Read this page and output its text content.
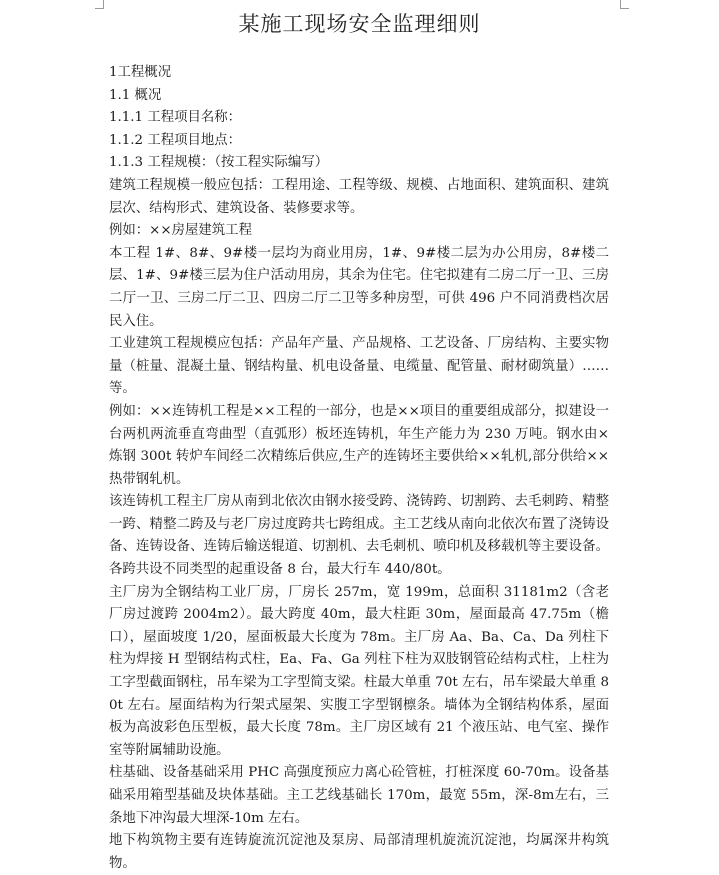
某施工现场安全监理细则

1工程概况

1.1 概况

1.1.1 工程项目名称：

1.1.2 工程项目地点：

1.1.3 工程规模：（按工程实际编写）

建筑工程规模一般应包括：工程用途、工程等级、规模、占地面积、建筑面积、建筑层次、结构形式、建筑设备、装修要求等。

例如：××房屋建筑工程

本工程 1#、8#、9#楼一层均为商业用房，1#、9#楼二层为办公用房，8#楼二层、1#、9#楼三层为住户活动用房，其余为住宅。住宅拟建有二房二厅一卫、三房二厅一卫、三房二厅二卫、四房二厅二卫等多种房型，可供 496 户不同消费档次居民入住。

工业建筑工程规模应包括：产品年产量、产品规格、工艺设备、厂房结构、主要实物量（桩量、混凝土量、钢结构量、机电设备量、电缆量、配管量、耐材砌筑量）……等。

例如：××连铸机工程是××工程的一部分，也是××项目的重要组成部分，拟建设一台两机两流垂直弯曲型（直弧形）板坯连铸机，年生产能力为 230 万吨。钢水由×炼钢 300t 转炉车间经二次精练后供应,生产的连铸坯主要供给××轧机,部分供给××热带钢轧机。

该连铸机工程主厂房从南到北依次由钢水接受跨、浇铸跨、切割跨、去毛刺跨、精整一跨、精整二跨及与老厂房过度跨共七跨组成。主工艺线从南向北依次布置了浇铸设备、连铸设备、连铸后输送辊道、切割机、去毛刺机、喷印机及移载机等主要设备。各跨共设不同类型的起重设备 8 台，最大行车 440/80t。

主厂房为全钢结构工业厂房，厂房长 257m，宽 199m，总面积 31181m2（含老厂房过渡跨 2004m2）。最大跨度 40m，最大柱距 30m，屋面最高 47.75m（檐口），屋面坡度 1/20，屋面板最大长度为 78m。主厂房 Aa、Ba、Ca、Da 列柱下柱为焊接 H 型钢结构式柱，Ea、Fa、Ga 列柱下柱为双肢钢管砼结构式柱，上柱为工字型截面钢柱，吊车梁为工字型简支梁。柱最大单重 70t 左右，吊车梁最大单重 80t 左右。屋面结构为行架式屋架、实腹工字型钢檩条。墙体为全钢结构体系，屋面板为高波彩色压型板，最大长度 78m。主厂房区域有 21 个液压站、电气室、操作室等附属辅助设施。

柱基础、设备基础采用 PHC 高强度预应力离心砼管桩，打桩深度 60-70m。设备基础采用箱型基础及块体基础。主工艺线基础长 170m，最宽 55m，深-8m左右，三条地下冲沟最大埋深-10m 左右。

地下构筑物主要有连铸旋流沉淀池及泵房、局部清理机旋流沉淀池，均属深井构筑物。
